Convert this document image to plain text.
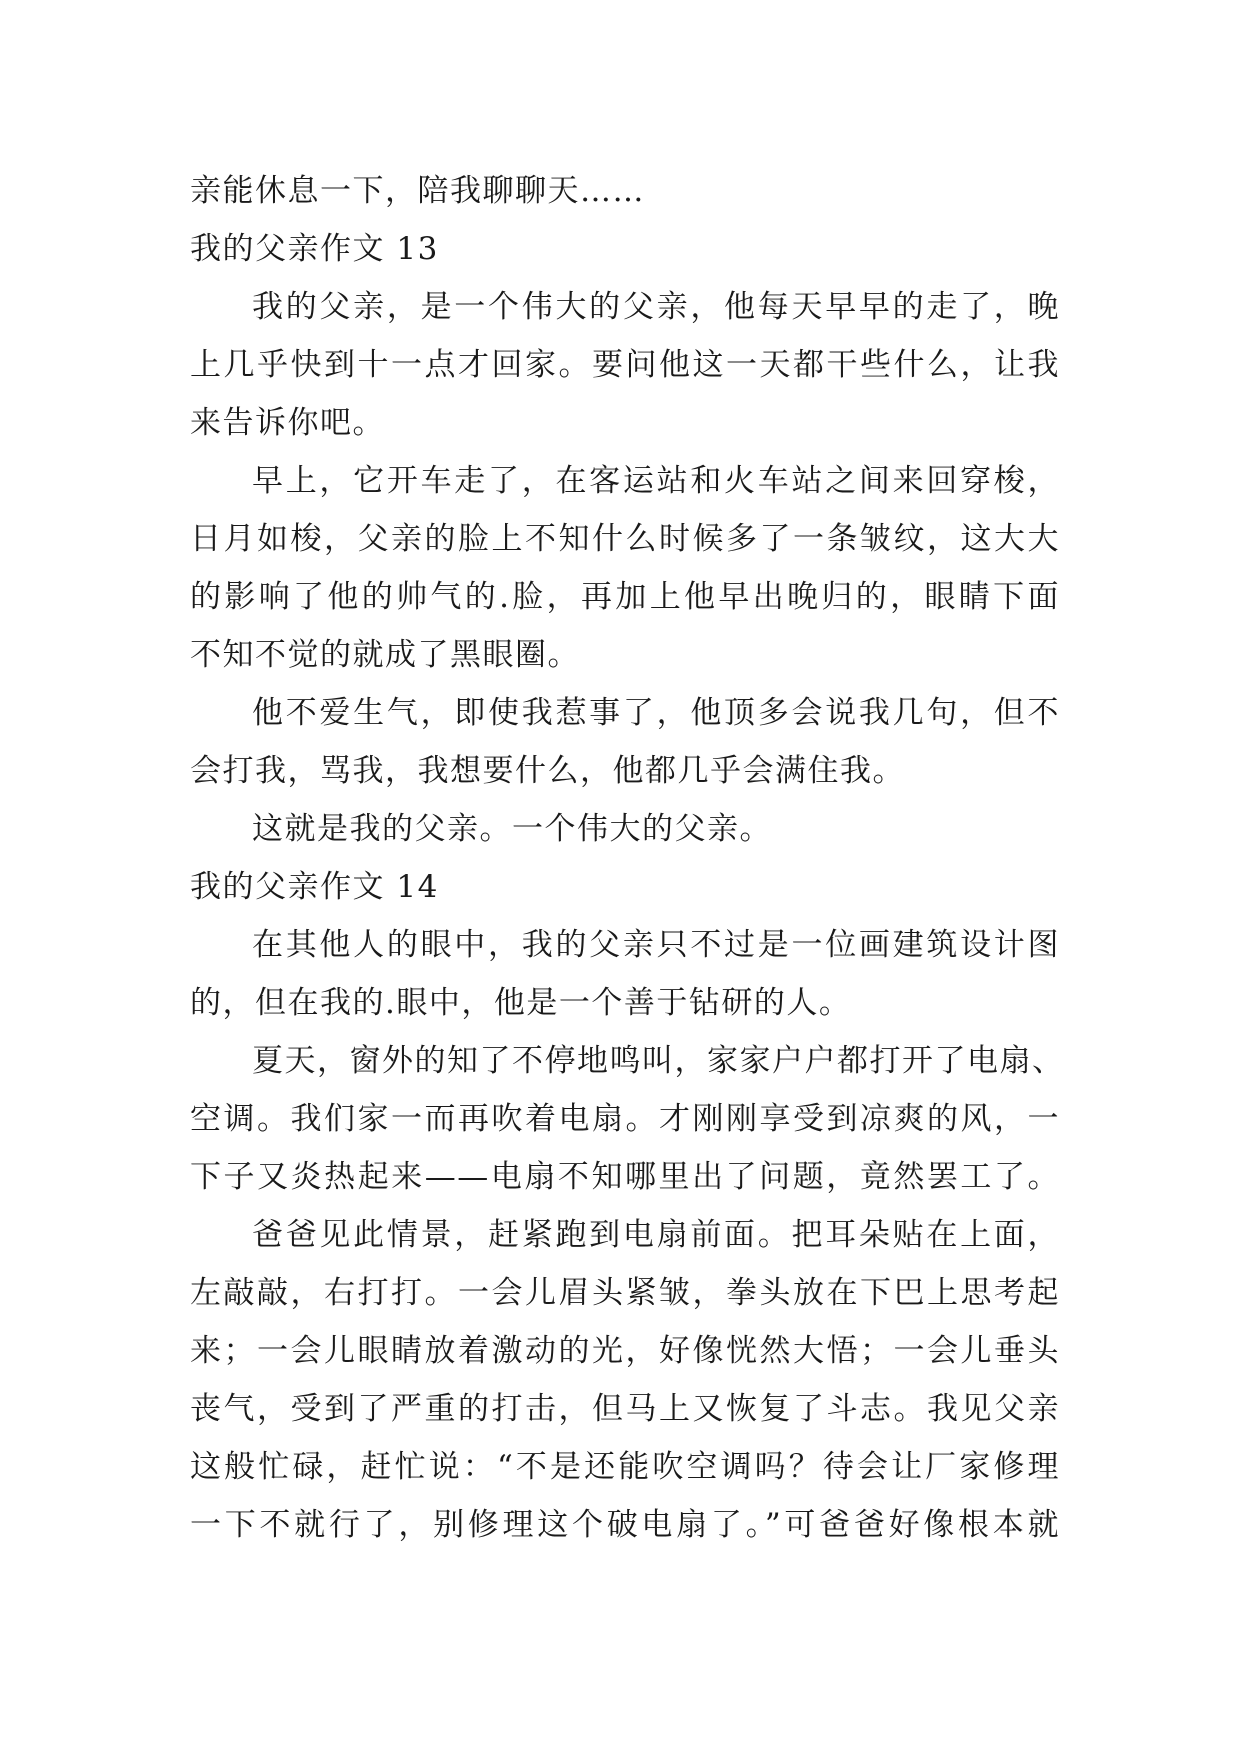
亲能休息一下，陪我聊聊天……
我的父亲作文 13
我的父亲，是一个伟大的父亲，他每天早早的走了，晚
上几乎快到十一点才回家。要问他这一天都干些什么，让我
来告诉你吧。
早上，它开车走了，在客运站和火车站之间来回穿梭，
日月如梭，父亲的脸上不知什么时候多了一条皱纹，这大大
的影响了他的帅气的.脸，再加上他早出晚归的，眼睛下面
不知不觉的就成了黑眼圈。
他不爱生气，即使我惹事了，他顶多会说我几句，但不
会打我，骂我，我想要什么，他都几乎会满住我。
这就是我的父亲。一个伟大的父亲。
我的父亲作文 14
在其他人的眼中，我的父亲只不过是一位画建筑设计图
的，但在我的.眼中，他是一个善于钻研的人。
夏天，窗外的知了不停地鸣叫，家家户户都打开了电扇、
空调。我们家一而再吹着电扇。才刚刚享受到凉爽的风，一
下子又炎热起来——电扇不知哪里出了问题，竟然罢工了。
爸爸见此情景，赶紧跑到电扇前面。把耳朵贴在上面，
左敲敲，右打打。一会儿眉头紧皱，拳头放在下巴上思考起
来；一会儿眼睛放着激动的光，好像恍然大悟；一会儿垂头
丧气，受到了严重的打击，但马上又恢复了斗志。我见父亲
这般忙碌，赶忙说：“不是还能吹空调吗？待会让厂家修理
一下不就行了，别修理这个破电扇了。”可爸爸好像根本就
